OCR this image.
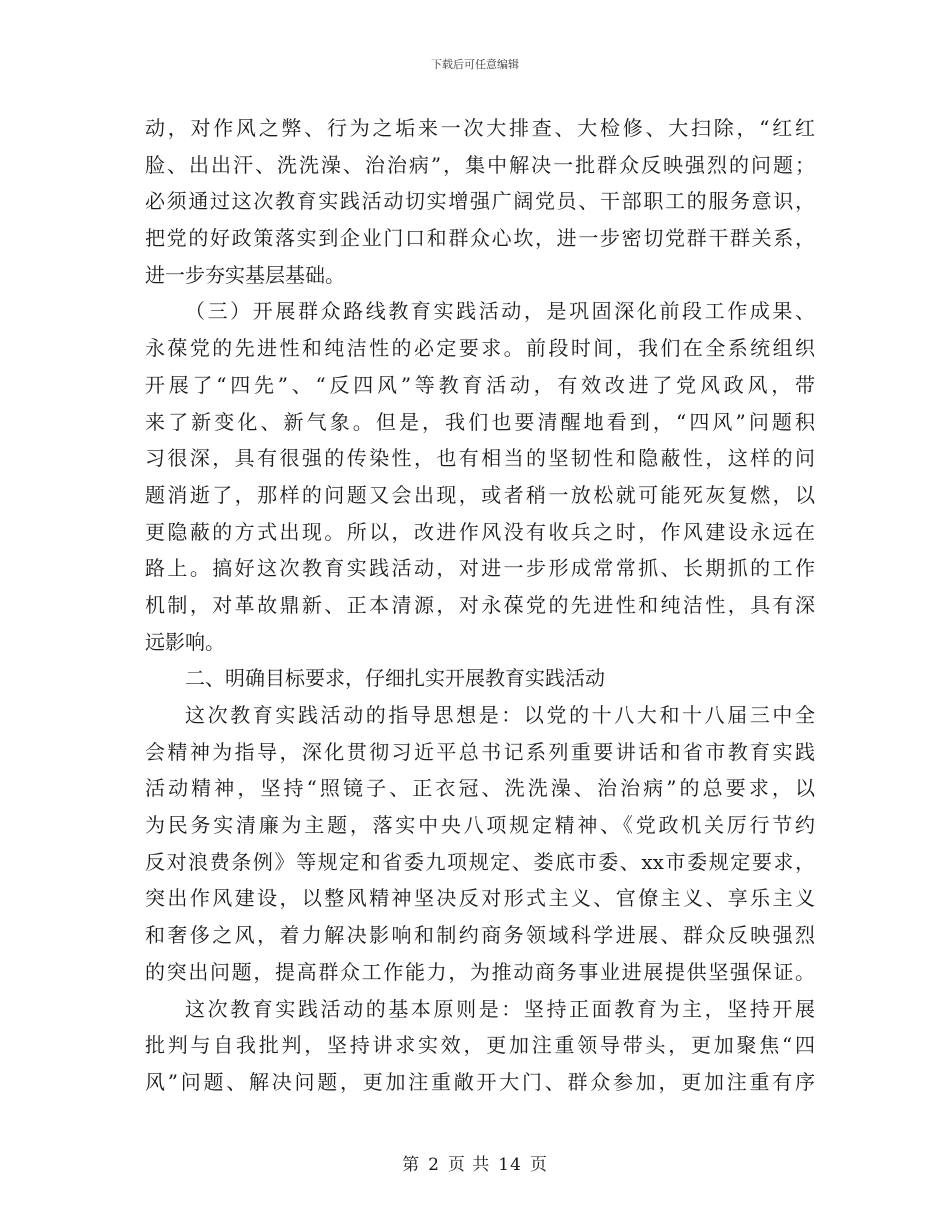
下载后可任意编辑
动，对作风之弊、行为之垢来一次大排查、大检修、大扫除，“红红
脸、出出汗、洗洗澡、治治病”，集中解决一批群众反映强烈的问题；
必须通过这次教育实践活动切实增强广阔党员、干部职工的服务意识，
把党的好政策落实到企业门口和群众心坎，进一步密切党群干群关系，
进一步夯实基层基础。
（三）开展群众路线教育实践活动，是巩固深化前段工作成果、
永葆党的先进性和纯洁性的必定要求。前段时间，我们在全系统组织
开展了“四先”、“反四风”等教育活动，有效改进了党风政风，带
来了新变化、新气象。但是，我们也要清醒地看到，“四风”问题积
习很深，具有很强的传染性，也有相当的坚韧性和隐蔽性，这样的问
题消逝了，那样的问题又会出现，或者稍一放松就可能死灰复燃，以
更隐蔽的方式出现。所以，改进作风没有收兵之时，作风建设永远在
路上。搞好这次教育实践活动，对进一步形成常常抓、长期抓的工作
机制，对革故鼎新、正本清源，对永葆党的先进性和纯洁性，具有深
远影响。
二、明确目标要求，仔细扎实开展教育实践活动
这次教育实践活动的指导思想是：以党的十八大和十八届三中全
会精神为指导，深化贯彻习近平总书记系列重要讲话和省市教育实践
活动精神，坚持“照镜子、正衣冠、洗洗澡、治治病”的总要求，以
为民务实清廉为主题，落实中央八项规定精神、《党政机关厉行节约
反对浪费条例》等规定和省委九项规定、娄底市委、xx市委规定要求，
突出作风建设，以整风精神坚决反对形式主义、官僚主义、享乐主义
和奢侈之风，着力解决影响和制约商务领域科学进展、群众反映强烈
的突出问题，提高群众工作能力，为推动商务事业进展提供坚强保证。
这次教育实践活动的基本原则是：坚持正面教育为主，坚持开展
批判与自我批判，坚持讲求实效，更加注重领导带头，更加聚焦“四
风”问题、解决问题，更加注重敞开大门、群众参加，更加注重有序
第 2 页 共 14 页
